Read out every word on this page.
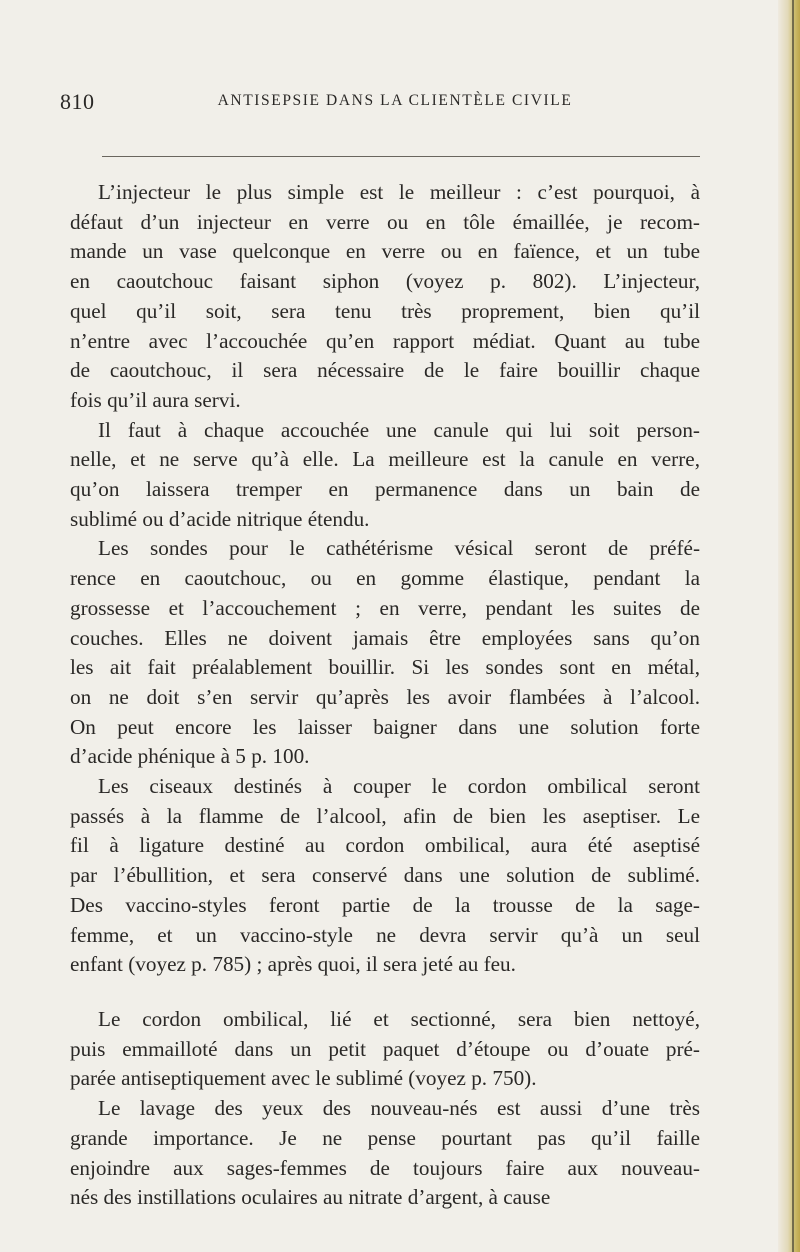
810	ANTISEPSIE DANS LA CLIENTÈLE CIVILE

L’injecteur le plus simple est le meilleur : c’est pourquoi, à
défaut d’un injecteur en verre ou en tôle émaillée, je recom-
mande un vase quelconque en verre ou en faïence, et un tube
en caoutchouc faisant siphon (voyez p. 802). L’injecteur,
quel qu’il soit, sera tenu très proprement, bien qu’il
n’entre avec l’accouchée qu’en rapport médiat. Quant au tube
de caoutchouc, il sera nécessaire de le faire bouillir chaque
fois qu’il aura servi.

Il faut à chaque accouchée une canule qui lui soit person-
nelle, et ne serve qu’à elle. La meilleure est la canule en verre,
qu’on laissera tremper en permanence dans un bain de
sublimé ou d’acide nitrique étendu.

Les sondes pour le cathétérisme vésical seront de préfé-
rence en caoutchouc, ou en gomme élastique, pendant la
grossesse et l’accouchement ; en verre, pendant les suites de
couches. Elles ne doivent jamais être employées sans qu’on
les ait fait préalablement bouillir. Si les sondes sont en métal,
on ne doit s’en servir qu’après les avoir flambées à l’alcool.
On peut encore les laisser baigner dans une solution forte
d’acide phénique à 5 p. 100.

Les ciseaux destinés à couper le cordon ombilical seront
passés à la flamme de l’alcool, afin de bien les aseptiser. Le
fil à ligature destiné au cordon ombilical, aura été aseptisé
par l’ébullition, et sera conservé dans une solution de sublimé.
Des vaccino-styles feront partie de la trousse de la sage-
femme, et un vaccino-style ne devra servir qu’à un seul
enfant (voyez p. 785) ; après quoi, il sera jeté au feu.

Le cordon ombilical, lié et sectionné, sera bien nettoyé,
puis emmailloté dans un petit paquet d’étoupe ou d’ouate pré-
parée antiseptiquement avec le sublimé (voyez p. 750).

Le lavage des yeux des nouveau-nés est aussi d’une très
grande importance. Je ne pense pourtant pas qu’il faille
enjoindre aux sages-femmes de toujours faire aux nouveau-
nés des instillations oculaires au nitrate d’argent, à cause
